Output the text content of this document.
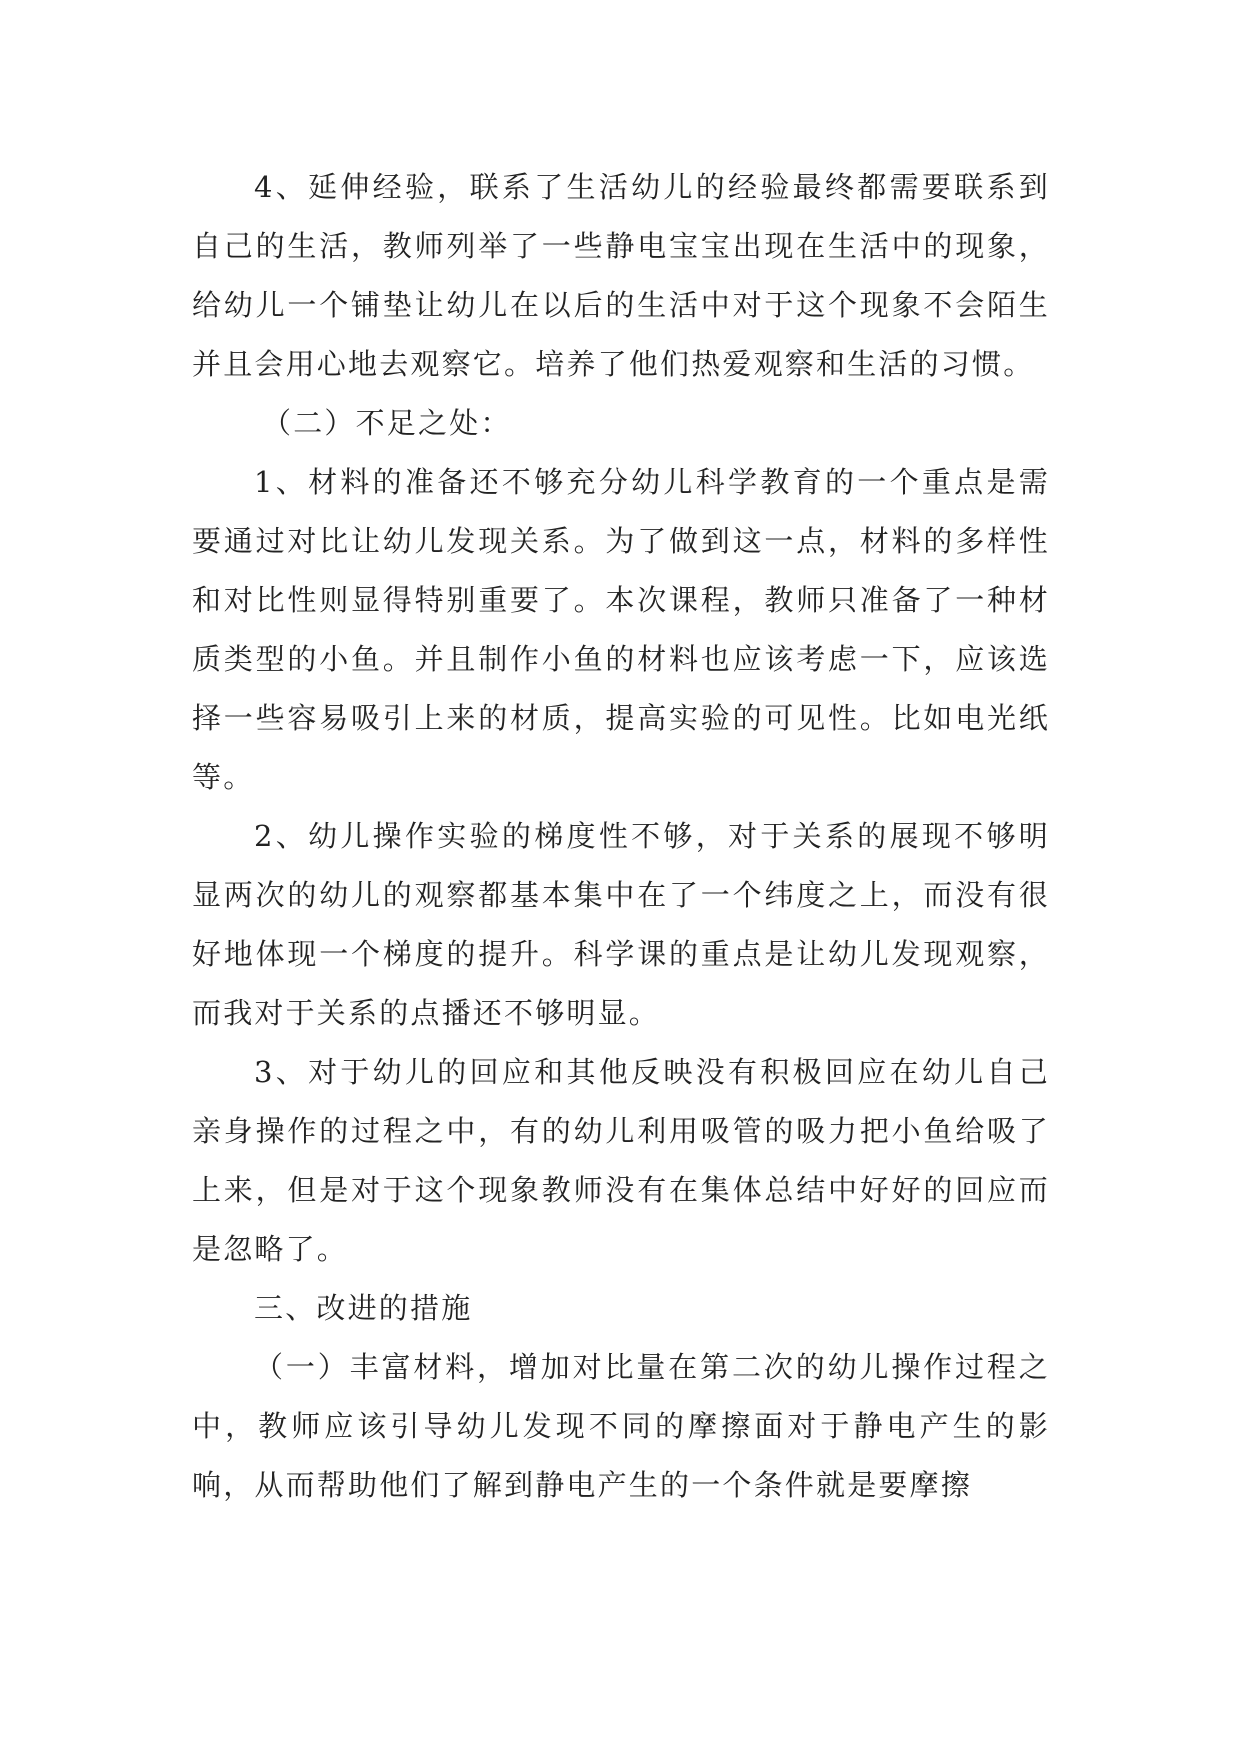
4、延伸经验，联系了生活幼儿的经验最终都需要联系到自己的生活，教师列举了一些静电宝宝出现在生活中的现象，给幼儿一个铺垫让幼儿在以后的生活中对于这个现象不会陌生并且会用心地去观察它。培养了他们热爱观察和生活的习惯。

（二）不足之处：

1、材料的准备还不够充分幼儿科学教育的一个重点是需要通过对比让幼儿发现关系。为了做到这一点，材料的多样性和对比性则显得特别重要了。本次课程，教师只准备了一种材质类型的小鱼。并且制作小鱼的材料也应该考虑一下，应该选择一些容易吸引上来的材质，提高实验的可见性。比如电光纸等。

2、幼儿操作实验的梯度性不够，对于关系的展现不够明显两次的幼儿的观察都基本集中在了一个纬度之上，而没有很好地体现一个梯度的提升。科学课的重点是让幼儿发现观察，而我对于关系的点播还不够明显。

3、对于幼儿的回应和其他反映没有积极回应在幼儿自己亲身操作的过程之中，有的幼儿利用吸管的吸力把小鱼给吸了上来，但是对于这个现象教师没有在集体总结中好好的回应而是忽略了。

三、改进的措施

（一）丰富材料，增加对比量在第二次的幼儿操作过程之中，教师应该引导幼儿发现不同的摩擦面对于静电产生的影响，从而帮助他们了解到静电产生的一个条件就是要摩擦
